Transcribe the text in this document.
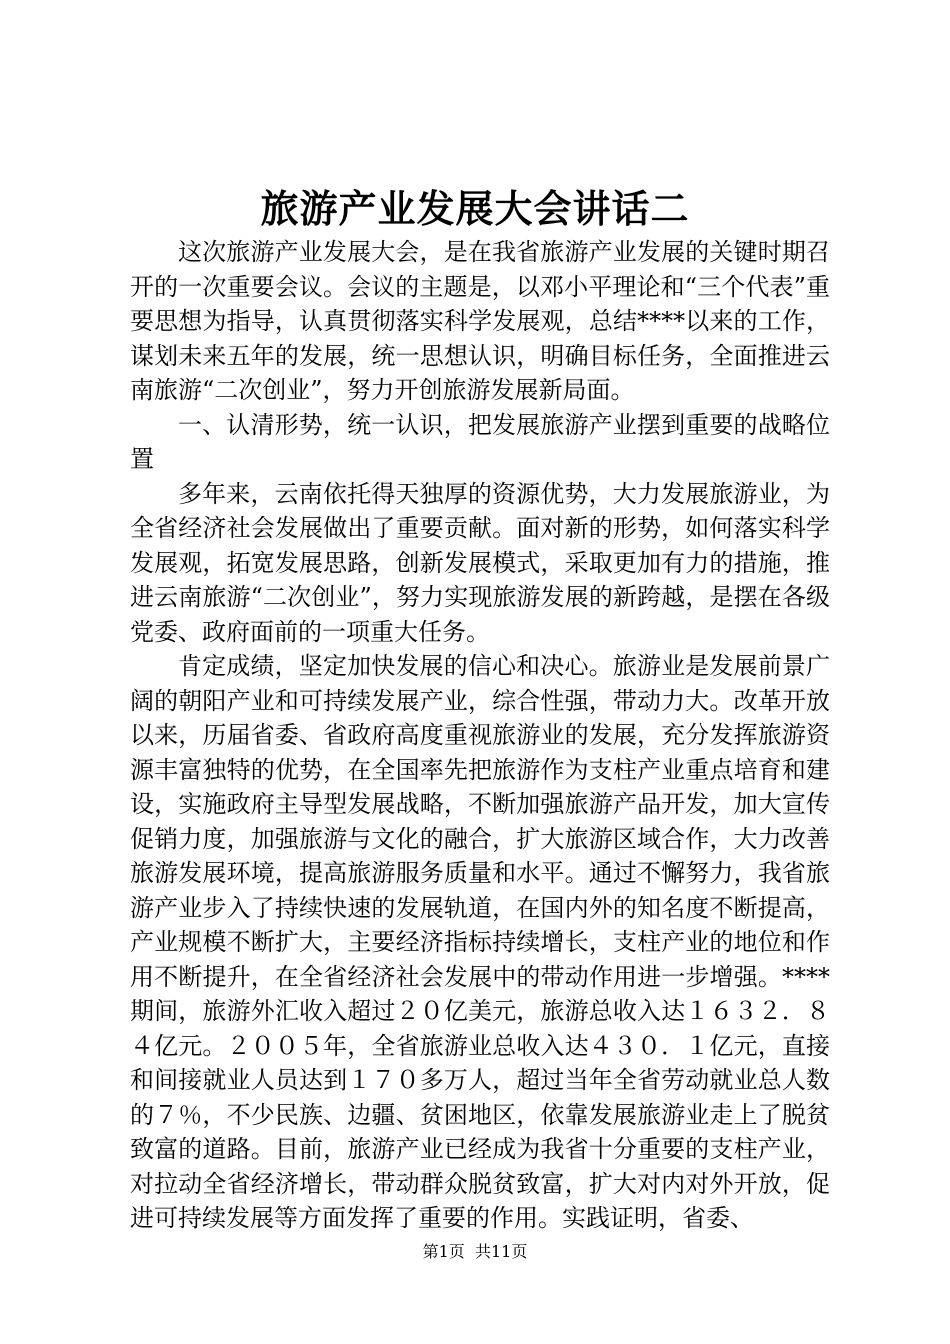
旅游产业发展大会讲话二

这次旅游产业发展大会，是在我省旅游产业发展的关键时期召开的一次重要会议。会议的主题是，以邓小平理论和“三个代表”重要思想为指导，认真贯彻落实科学发展观，总结****以来的工作，谋划未来五年的发展，统一思想认识，明确目标任务，全面推进云南旅游“二次创业”，努力开创旅游发展新局面。

一、认清形势，统一认识，把发展旅游产业摆到重要的战略位置

多年来，云南依托得天独厚的资源优势，大力发展旅游业，为全省经济社会发展做出了重要贡献。面对新的形势，如何落实科学发展观，拓宽发展思路，创新发展模式，采取更加有力的措施，推进云南旅游“二次创业”，努力实现旅游发展的新跨越，是摆在各级党委、政府面前的一项重大任务。

肯定成绩，坚定加快发展的信心和决心。旅游业是发展前景广阔的朝阳产业和可持续发展产业，综合性强，带动力大。改革开放以来，历届省委、省政府高度重视旅游业的发展，充分发挥旅游资源丰富独特的优势，在全国率先把旅游作为支柱产业重点培育和建设，实施政府主导型发展战略，不断加强旅游产品开发，加大宣传促销力度，加强旅游与文化的融合，扩大旅游区域合作，大力改善旅游发展环境，提高旅游服务质量和水平。通过不懈努力，我省旅游产业步入了持续快速的发展轨道，在国内外的知名度不断提高，产业规模不断扩大，主要经济指标持续增长，支柱产业的地位和作用不断提升，在全省经济社会发展中的带动作用进一步增强。****期间，旅游外汇收入超过２０亿美元，旅游总收入达１６３２．８４亿元。２００５年，全省旅游业总收入达４３０．１亿元，直接和间接就业人员达到１７０多万人，超过当年全省劳动就业总人数的７％，不少民族、边疆、贫困地区，依靠发展旅游业走上了脱贫致富的道路。目前，旅游产业已经成为我省十分重要的支柱产业，对拉动全省经济增长，带动群众脱贫致富，扩大对内对外开放，促进可持续发展等方面发挥了重要的作用。实践证明，省委、

第1页 共11页
